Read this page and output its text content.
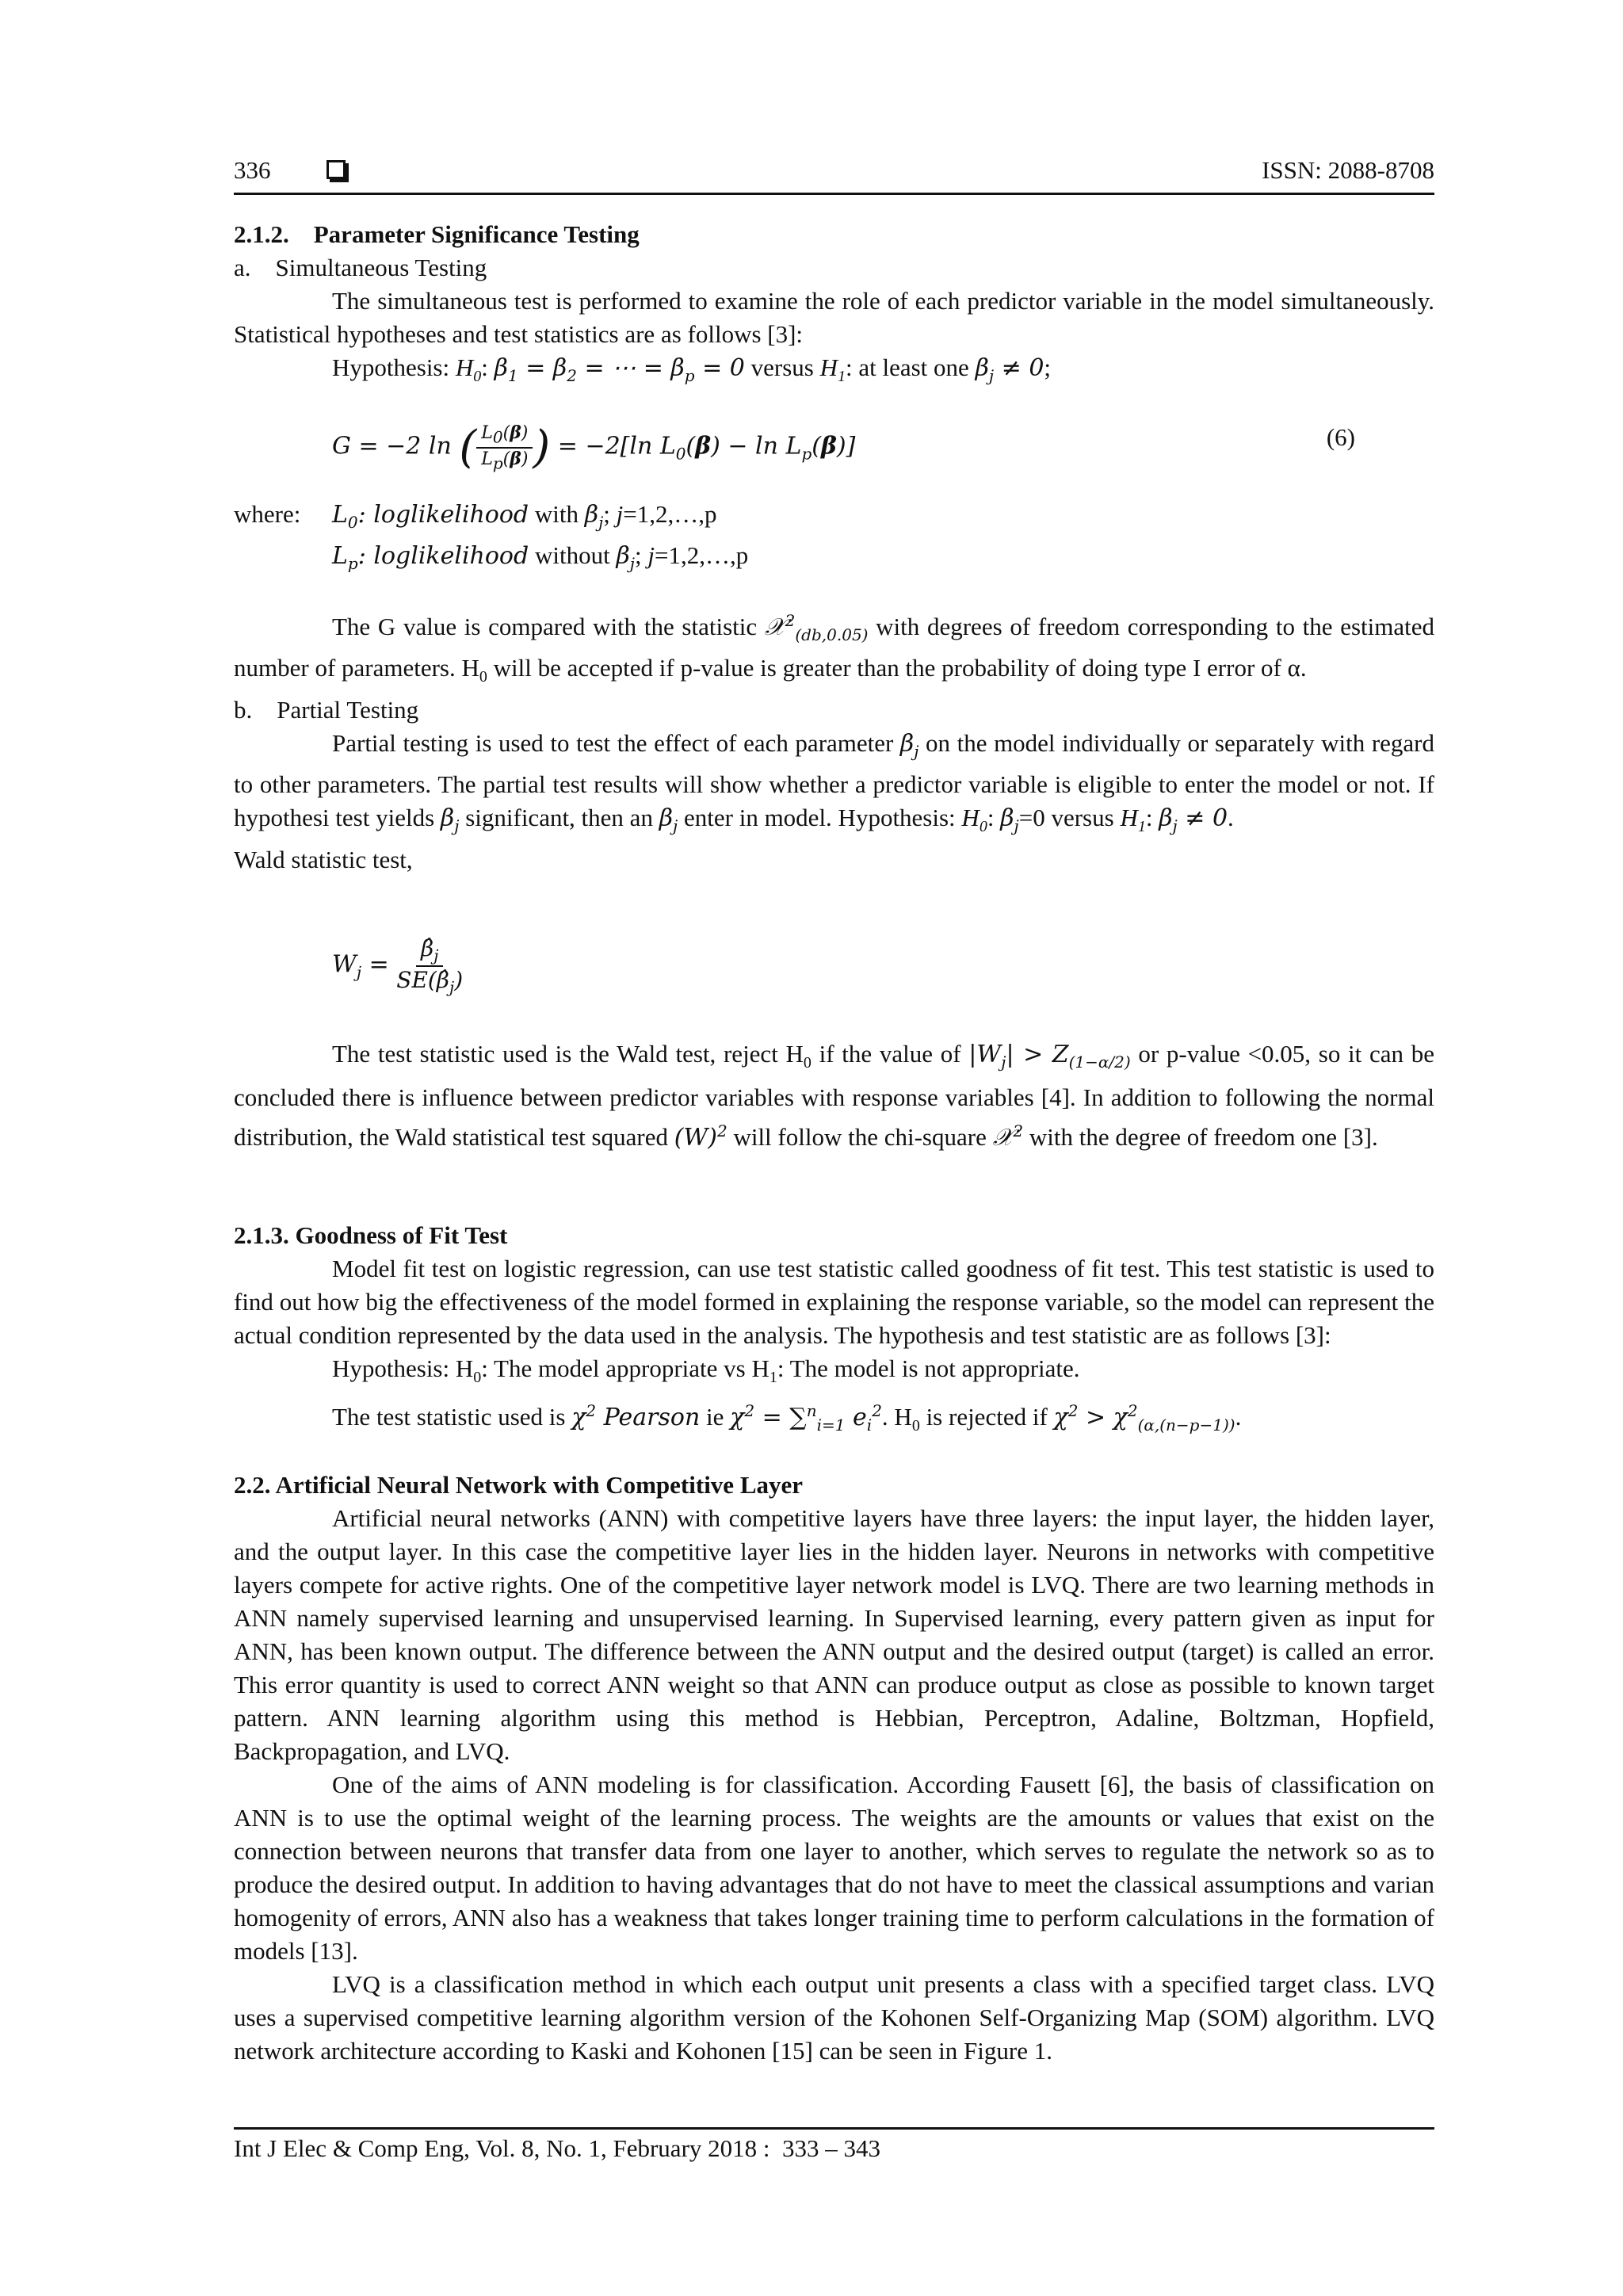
336	ISSN: 2088-8708
2.1.2.    Parameter Significance Testing
a.    Simultaneous Testing

The simultaneous test is performed to examine the role of each predictor variable in the model simultaneously. Statistical hypotheses and test statistics are as follows [3]:

Hypothesis: $H_0$: $\beta_1 = \beta_2$ = ⋯ = $\beta_p = 0$ versus $H_1$: at least one $\beta_j \ne 0$;
G = −2 ln ( $\frac{L_0(\beta)}{L_p(\beta)}$ ) = −2[ln $L_0(\beta) - \ln L_p(\beta)$]	(6)
where: $L_0$: loglikelihood with $\beta_j$; j=1,2,…,p
$L_p$: loglikelihood without $\beta_j$; j=1,2,…,p

The G value is compared with the statistic 𝒳$^2_{(db,0.05)}$ with degrees of freedom corresponding to the estimated number of parameters. $H_0$ will be accepted if p-value is greater than the probability of doing type I error of α.

b.    Partial Testing

Partial testing is used to test the effect of each parameter $\beta_j$ on the model individually or separately with regard to other parameters. The partial test results will show whether a predictor variable is eligible to enter the model or not. If hypothesi test yields $\beta_j$ significant, then an $\beta_j$ enter in model. Hypothesis: $H_0$: $\beta_j=0$ versus $H_1$: $\beta_j \ne 0$.

Wald statistic test,
$W_j = \frac{\betâ_j}{SE(\betâ_j)}$

The test statistic used is the Wald test, reject $H_0$ if the value of $|W_j| > Z_{(1-\alpha/2)}$ or p-value <0.05, so it can be concluded there is influence between predictor variables with response variables [4]. In addition to following the normal distribution, the Wald statistical test squared $(W)^2$ will follow the chi-square 𝒳$^2$ with the degree of freedom one [3].

2.1.3. Goodness of Fit Test

Model fit test on logistic regression, can use test statistic called goodness of fit test. This test statistic is used to find out how big the effectiveness of the model formed in explaining the response variable, so the model can represent the actual condition represented by the data used in the analysis. The hypothesis and test statistic are as follows [3]:

Hypothesis: $H_0$: The model appropriate vs $H_1$: The model is not appropriate.
The test statistic used is $\chi^2$ Pearson ie $\chi^2 = \sum^n_{i=1}$ $e_i^2$. $H_0$ is rejected if $\chi^2 > \chi^2_{(\alpha,(n-p-1))}$.
2.2. Artificial Neural Network with Competitive Layer

Artificial neural networks (ANN) with competitive layers have three layers: the input layer, the hidden layer, and the output layer. In this case the competitive layer lies in the hidden layer. Neurons in networks with competitive layers compete for active rights. One of the competitive layer network model is LVQ. There are two learning methods in ANN namely supervised learning and unsupervised learning. In Supervised learning, every pattern given as input for ANN, has been known output. The difference between the ANN output and the desired output (target) is called an error. This error quantity is used to correct ANN weight so that ANN can produce output as close as possible to known target pattern. ANN learning algorithm using this method is Hebbian, Perceptron, Adaline, Boltzman, Hopfield, Backpropagation, and LVQ.

One of the aims of ANN modeling is for classification. According Fausett [6], the basis of classification on ANN is to use the optimal weight of the learning process. The weights are the amounts or values that exist on the connection between neurons that transfer data from one layer to another, which serves to regulate the network so as to produce the desired output. In addition to having advantages that do not have to meet the classical assumptions and varian homogenity of errors, ANN also has a weakness that takes longer training time to perform calculations in the formation of models [13].

LVQ is a classification method in which each output unit presents a class with a specified target class. LVQ uses a supervised competitive learning algorithm version of the Kohonen Self-Organizing Map (SOM) algorithm. LVQ network architecture according to Kaski and Kohonen [15] can be seen in Figure 1.

Int J Elec & Comp Eng, Vol. 8, No. 1, February 2018 :  333 – 343
